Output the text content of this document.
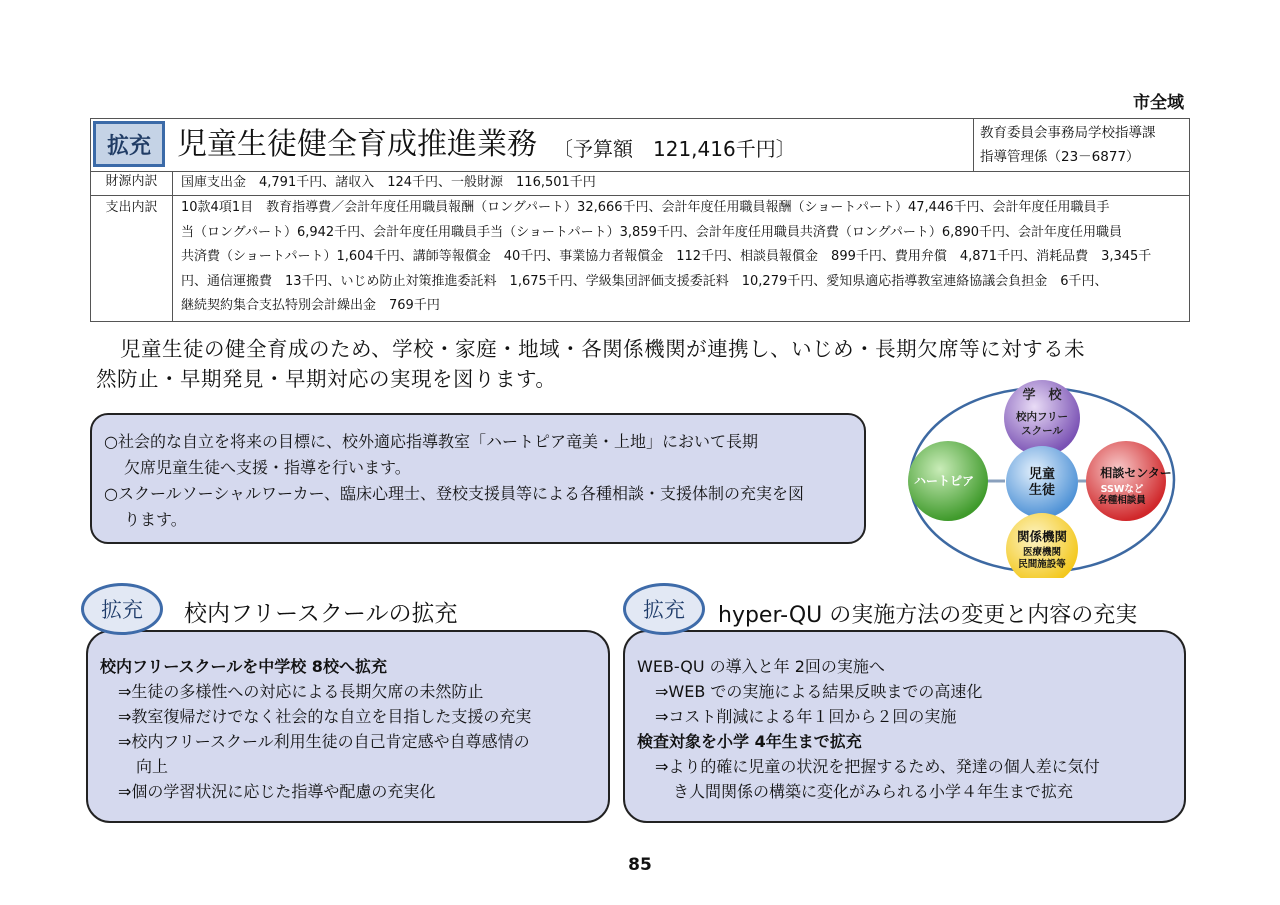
市全域
拡充 児童生徒健全育成推進業務 〔予算額　121,416千円〕
教育委員会事務局学校指導課
指導管理係（23－6877）
財源内訳	国庫支出金　4,791千円、諸収入　124千円、一般財源　116,501千円
支出内訳	10款4項1目　教育指導費／会計年度任用職員報酬（ロングパート）32,666千円、会計年度任用職員報酬（ショートパート）47,446千円、会計年度任用職員手
当（ロングパート）6,942千円、会計年度任用職員手当（ショートパート）3,859千円、会計年度任用職員共済費（ロングパート）6,890千円、会計年度任用職員
共済費（ショートパート）1,604千円、講師等報償金　40千円、事業協力者報償金　112千円、相談員報償金　899千円、費用弁償　4,871千円、消耗品費　3,345千
円、通信運搬費　13千円、いじめ防止対策推進委託料　1,675千円、学級集団評価支援委託料　10,279千円、愛知県適応指導教室連絡協議会負担金　6千円、
継続契約集合支払特別会計繰出金　769千円
児童生徒の健全育成のため、学校・家庭・地域・各関係機関が連携し、いじめ・長期欠席等に対する未
然防止・早期発見・早期対応の実現を図ります。
○社会的な自立を将来の目標に、校外適応指導教室「ハートピア竜美・上地」において長期
欠席児童生徒へ支援・指導を行います。
○スクールソーシャルワーカー、臨床心理士、登校支援員等による各種相談・支援体制の充実を図
ります。
学　校
校内フリー
スクール
ハートピア	児童
生徒
相談センター
SSWなど
各種相談員
関係機関
医療機関
民間施設等
校内フリースクールを中学校 8校へ拡充
⇒生徒の多様性への対応による長期欠席の未然防止
⇒教室復帰だけでなく社会的な自立を目指した支援の充実
⇒校内フリースクール利用生徒の自己肯定感や自尊感情の
向上
⇒個の学習状況に応じた指導や配慮の充実化
拡充	校内フリースクールの拡充
WEB-QU の導入と年 2回の実施へ
⇒WEB での実施による結果反映までの高速化
⇒コスト削減による年１回から２回の実施
検査対象を小学 4年生まで拡充
⇒より的確に児童の状況を把握するため、発達の個人差に気付
き人間関係の構築に変化がみられる小学４年生まで拡充
拡充	hyper-QU の実施方法の変更と内容の充実
85
